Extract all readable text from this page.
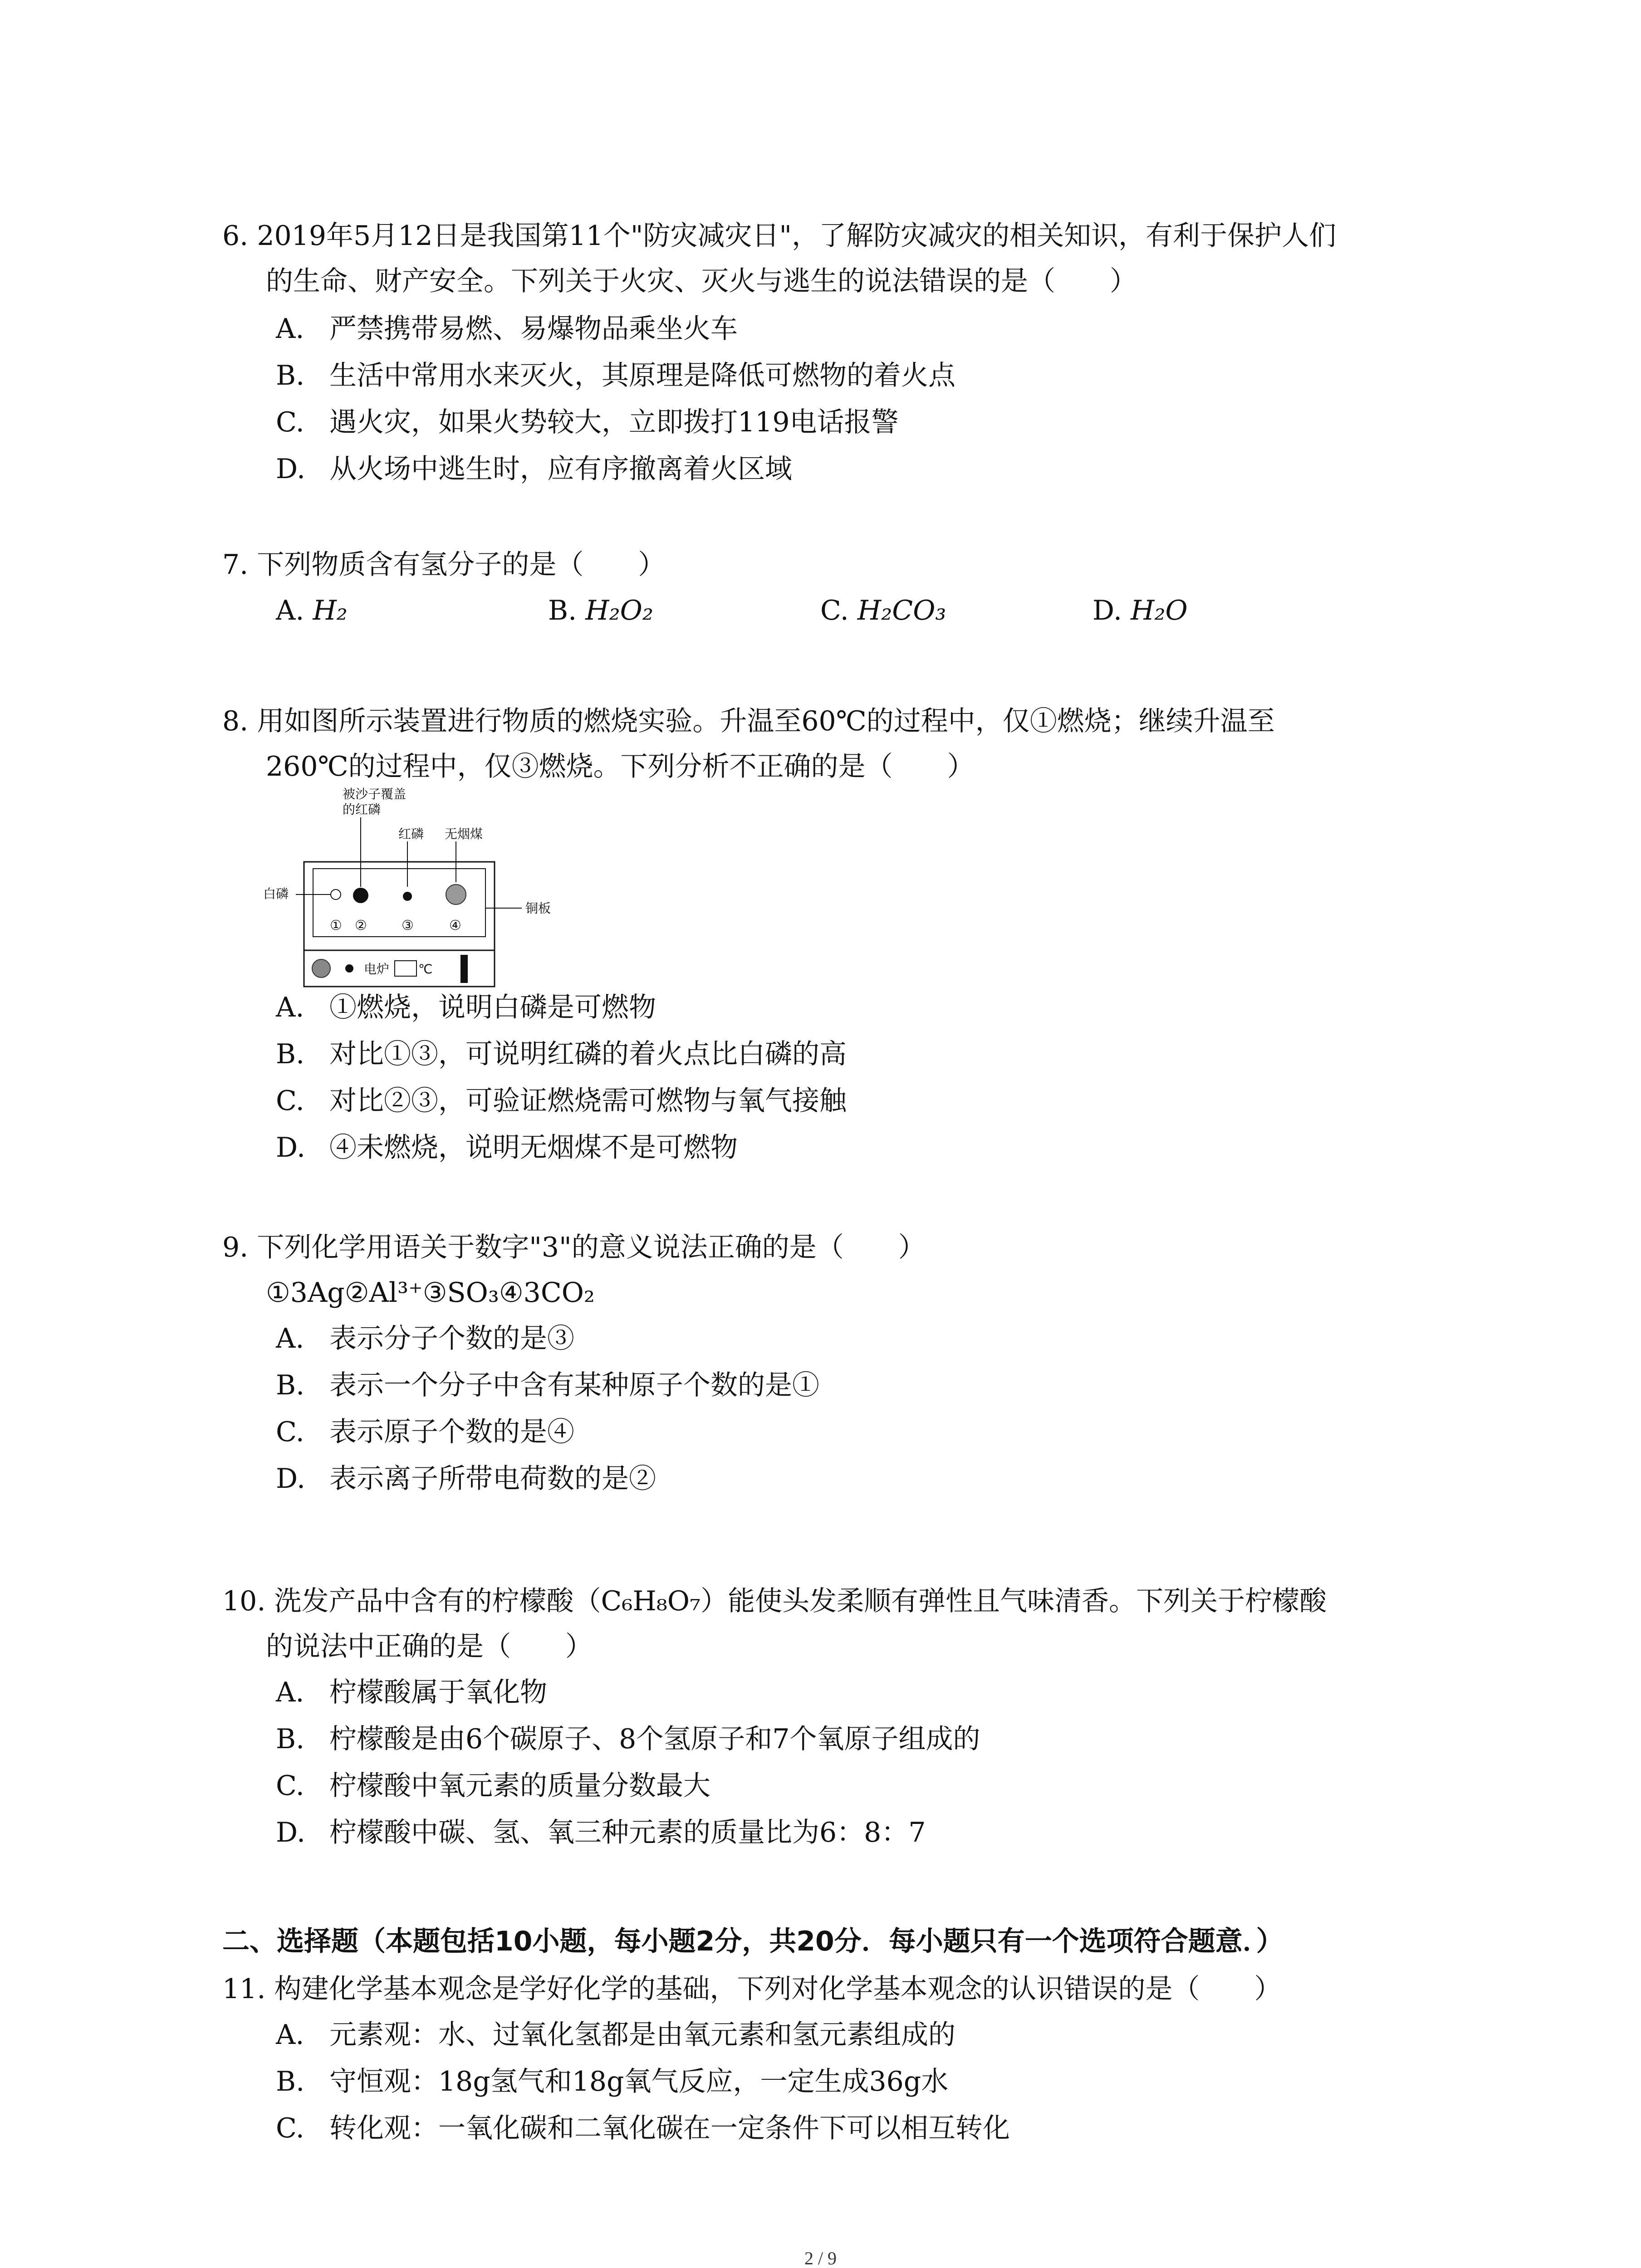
6. 2019年5月12日是我国第11个"防灾减灾日"，了解防灾减灾的相关知识，有利于保护人们

的生命、财产安全。下列关于火灾、灭火与逃生的说法错误的是（　　）

A. 严禁携带易燃、易爆物品乘坐火车
B. 生活中常用水来灭火，其原理是降低可燃物的着火点
C. 遇火灾，如果火势较大，立即拨打119电话报警
D. 从火场中逃生时，应有序撤离着火区域

7. 下列物质含有氢分子的是（　　）

A. H₂	B. H₂O₂	C. H₂CO₃	D. H₂O

8. 用如图所示装置进行物质的燃烧实验。升温至60℃的过程中，仅①燃烧；继续升温至

260℃的过程中，仅③燃烧。下列分析不正确的是（　　）

被沙子覆盖
的红磷
红磷 无烟煤
白磷
铜板
① ②	③	④
电炉 ℃
A. ①燃烧，说明白磷是可燃物
B. 对比①③，可说明红磷的着火点比白磷的高
C. 对比②③，可验证燃烧需可燃物与氧气接触
D. ④未燃烧，说明无烟煤不是可燃物

9. 下列化学用语关于数字"3"的意义说法正确的是（　　）

①3Ag②Al³⁺③SO₃④3CO₂

A. 表示分子个数的是③
B. 表示一个分子中含有某种原子个数的是①
C. 表示原子个数的是④
D. 表示离子所带电荷数的是②

10. 洗发产品中含有的柠檬酸（C₆H₈O₇）能使头发柔顺有弹性且气味清香。下列关于柠檬酸

的说法中正确的是（　　）

A. 柠檬酸属于氧化物
B. 柠檬酸是由6个碳原子、8个氢原子和7个氧原子组成的
C. 柠檬酸中氧元素的质量分数最大
D. 柠檬酸中碳、氢、氧三种元素的质量比为6：8：7
二、选择题（本题包括10小题，每小题2分，共20分．每小题只有一个选项符合题意．）

11. 构建化学基本观念是学好化学的基础，下列对化学基本观念的认识错误的是（　　）

A. 元素观：水、过氧化氢都是由氧元素和氢元素组成的
B. 守恒观：18g氢气和18g氧气反应，一定生成36g水
C. 转化观：一氧化碳和二氧化碳在一定条件下可以相互转化
2 / 9
